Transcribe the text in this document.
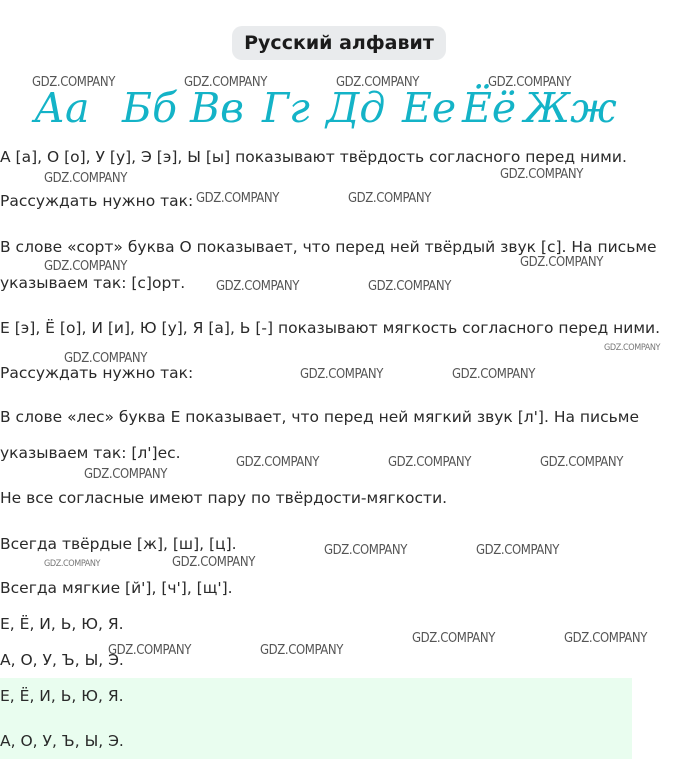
Русский алфавит
Аа Бб Вв Гг Дд Ее Ёё Жж
А [а], О [о], У [у], Э [э], Ы [ы] показывают твёрдость согласного перед ними.
Рассуждать нужно так:
В слове «сорт» буква О показывает, что перед ней твёрдый звук [с]. На письме
указываем так: [с]орт.
Е [э], Ё [о], И [и], Ю [у], Я [а], Ь [-] показывают мягкость согласного перед ними.
Рассуждать нужно так:
В слове «лес» буква Е показывает, что перед ней мягкий звук [л']. На письме
указываем так: [л']ес.
Не все согласные имеют пару по твёрдости-мягкости.
Всегда твёрдые [ж], [ш], [ц].
Всегда мягкие [й'], [ч'], [щ'].
Е, Ё, И, Ь, Ю, Я.
А, О, У, Ъ, Ы, Э.
Е, Ё, И, Ь, Ю, Я.
А, О, У, Ъ, Ы, Э.
GDZ.COMPANY	GDZ.COMPANY	GDZ.COMPANY	GDZ.COMPANY
GDZ.COMPANY	GDZ.COMPANY
GDZ.COMPANY	GDZ.COMPANY
GDZ.COMPANY	GDZ.COMPANY
GDZ.COMPANY	GDZ.COMPANY
GDZ.COMPANY
GDZ.COMPANY
GDZ.COMPANY	GDZ.COMPANY
GDZ.COMPANY	GDZ.COMPANY	GDZ.COMPANY
GDZ.COMPANY
GDZ.COMPANY	GDZ.COMPANY
GDZ.COMPANY	GDZ.COMPANY
GDZ.COMPANY	GDZ.COMPANY
GDZ.COMPANY	GDZ.COMPANY
